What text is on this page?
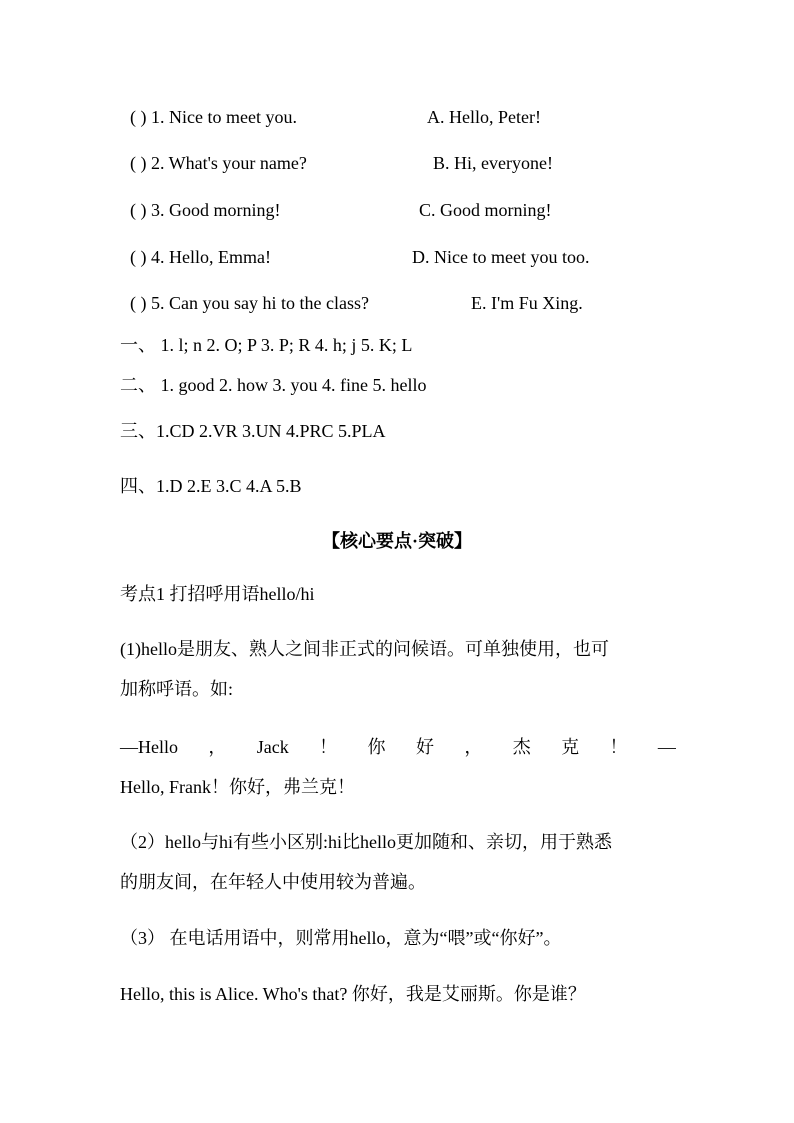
( ) 1. Nice to meet you.	A. Hello, Peter!
( ) 2. What's your name?	B. Hi, everyone!
( ) 3. Good morning!	C. Good morning!
( ) 4. Hello, Emma!	D. Nice to meet you too.
( ) 5. Can you say hi to the class?	E. I'm Fu Xing.
一、 1. l; n 2. O; P 3. P; R 4. h; j 5. K; L
二、 1. good 2. how 3. you 4. fine 5. hello
三、1.CD 2.VR 3.UN 4.PRC 5.PLA
四、1.D 2.E 3.C 4.A 5.B
【核心要点·突破】
考点1 打招呼用语hello/hi
(1)hello是朋友、熟人之间非正式的问候语。可单独使用，也可
加称呼语。如:
—Hello ， Jack ！ 你 好 ， 杰 克 ！ —
Hello, Frank！你好，弗兰克！
（2）hello与hi有些小区别:hi比hello更加随和、亲切，用于熟悉
的朋友间，在年轻人中使用较为普遍。
（3） 在电话用语中，则常用hello，意为“喂”或“你好”。
Hello, this is Alice. Who's that? 你好，我是艾丽斯。你是谁？
